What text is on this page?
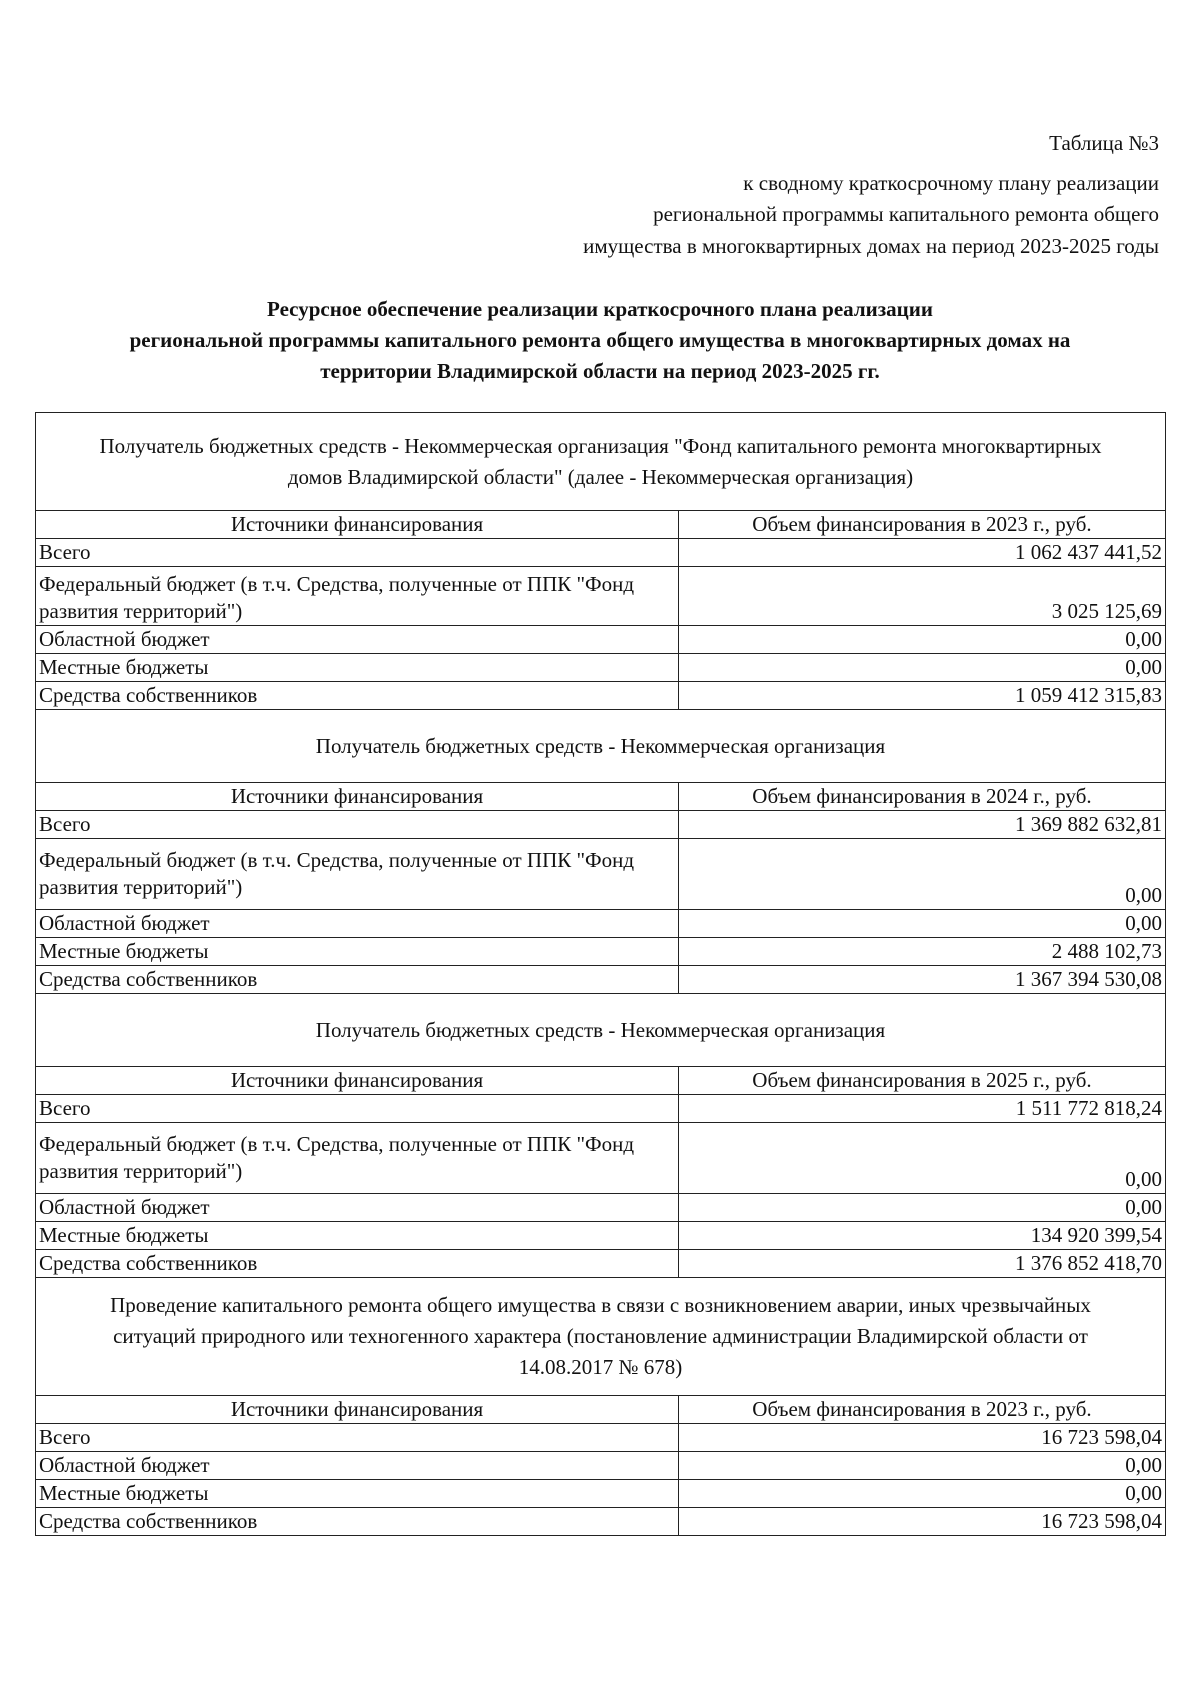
Таблица №3
к сводному краткосрочному плану реализации
региональной программы капитального ремонта общего
имущества в многоквартирных домах на период 2023-2025 годы
Ресурсное обеспечение реализации краткосрочного плана реализации
региональной программы капитального ремонта общего имущества в многоквартирных домах на
территории Владимирской области на период 2023-2025 гг.
Получатель бюджетных средств - Некоммерческая организация "Фонд капитального ремонта многоквартирных домов Владимирской области" (далее - Некоммерческая организация)	
Источники финансирования	Объем финансирования в 2023 г., руб.
Всего	1 062 437 441,52
Федеральный бюджет (в т.ч. Средства, полученные от ППК "Фонд развития территорий")	3 025 125,69
Областной бюджет	0,00
Местные бюджеты	0,00
Средства собственников	1 059 412 315,83
Получатель бюджетных средств - Некоммерческая организация	
Источники финансирования	Объем финансирования в 2024 г., руб.
Всего	1 369 882 632,81
Федеральный бюджет (в т.ч. Средства, полученные от ППК "Фонд развития территорий")	0,00
Областной бюджет	0,00
Местные бюджеты	2 488 102,73
Средства собственников	1 367 394 530,08
Получатель бюджетных средств - Некоммерческая организация	
Источники финансирования	Объем финансирования в 2025 г., руб.
Всего	1 511 772 818,24
Федеральный бюджет (в т.ч. Средства, полученные от ППК "Фонд развития территорий")	0,00
Областной бюджет	0,00
Местные бюджеты	134 920 399,54
Средства собственников	1 376 852 418,70
Проведение капитального ремонта общего имущества в связи с возникновением аварии, иных чрезвычайных ситуаций природного или техногенного характера (постановление администрации Владимирской области от 14.08.2017 № 678)	
Источники финансирования	Объем финансирования в 2023 г., руб.
Всего	16 723 598,04
Областной бюджет	0,00
Местные бюджеты	0,00
Средства собственников	16 723 598,04
